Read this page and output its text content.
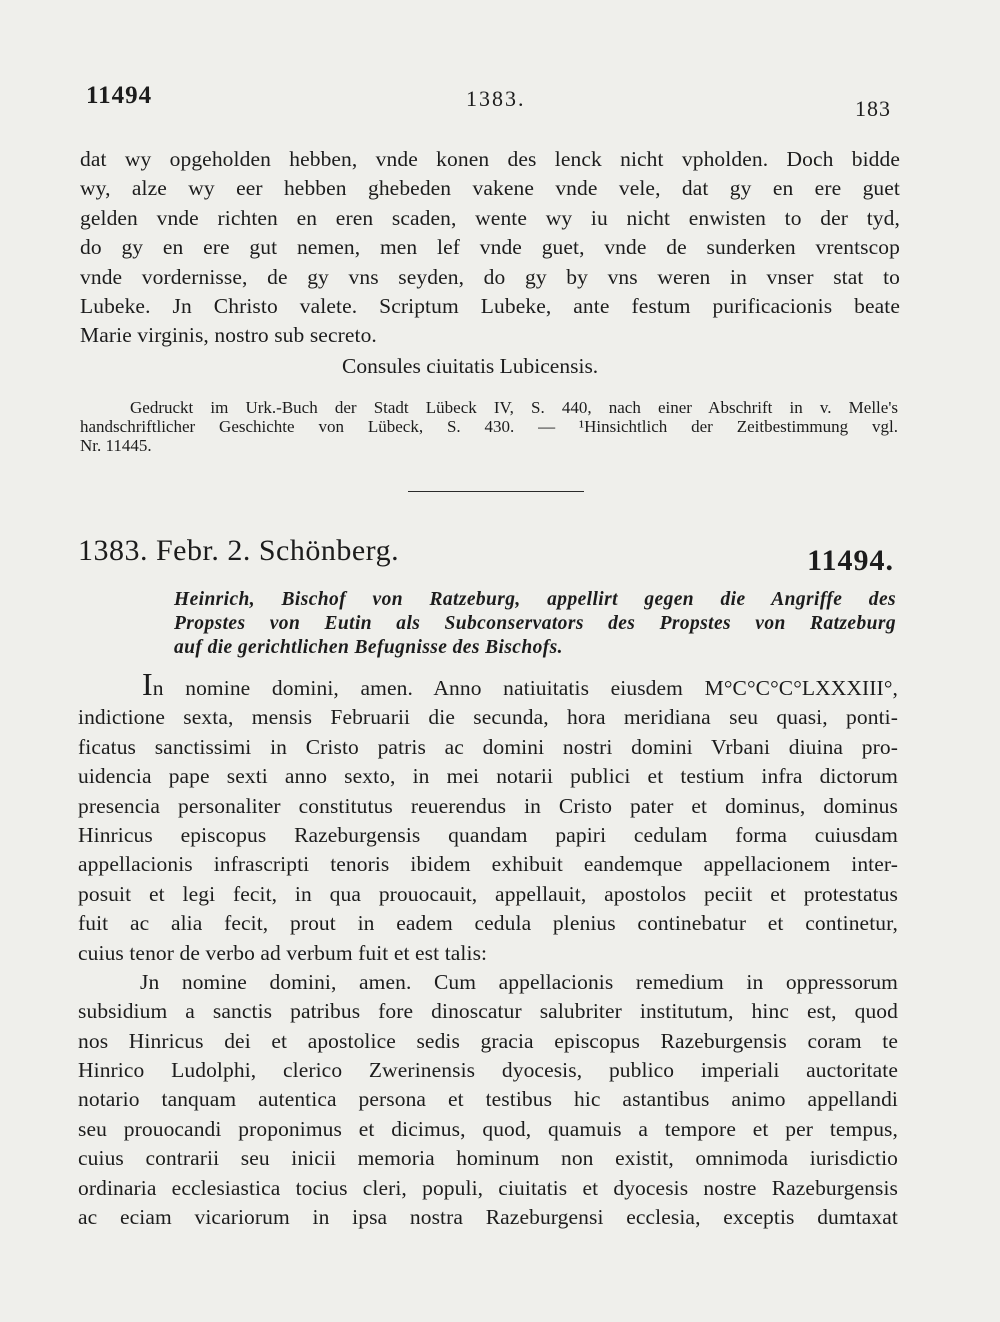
11494	1383.	183
dat wy opgeholden hebben, vnde konen des lenck nicht vpholden. Doch bidde
wy, alze wy eer hebben ghebeden vakene vnde vele, dat gy en ere guet
gelden vnde richten en eren scaden, wente wy iu nicht enwisten to der tyd,
do gy en ere gut nemen, men lef vnde guet, vnde de sunderken vrentscop
vnde vordernisse, de gy vns seyden, do gy by vns weren in vnser stat to
Lubeke. Jn Christo valete. Scriptum Lubeke, ante festum purificacionis beate
Marie virginis, nostro sub secreto.
Consules ciuitatis Lubicensis.
Gedruckt im Urk.-Buch der Stadt Lübeck IV, S. 440, nach einer Abschrift in v. Melle's
handschriftlicher Geschichte von Lübeck, S. 430. — ¹Hinsichtlich der Zeitbestimmung vgl.
Nr. 11445.
1383. Febr. 2. Schönberg.	11494.
Heinrich, Bischof von Ratzeburg, appellirt gegen die Angriffe des
Propstes von Eutin als Subconservators des Propstes von Ratzeburg
auf die gerichtlichen Befugnisse des Bischofs.
In nomine domini, amen. Anno natiuitatis eiusdem M°C°C°C°LXXXIII°,
indictione sexta, mensis Februarii die secunda, hora meridiana seu quasi, ponti-
ficatus sanctissimi in Cristo patris ac domini nostri domini Vrbani diuina pro-
uidencia pape sexti anno sexto, in mei notarii publici et testium infra dictorum
presencia personaliter constitutus reuerendus in Cristo pater et dominus, dominus
Hinricus episcopus Razeburgensis quandam papiri cedulam forma cuiusdam
appellacionis infrascripti tenoris ibidem exhibuit eandemque appellacionem inter-
posuit et legi fecit, in qua prouocauit, appellauit, apostolos peciit et protestatus
fuit ac alia fecit, prout in eadem cedula plenius continebatur et continetur,
cuius tenor de verbo ad verbum fuit et est talis:
Jn nomine domini, amen. Cum appellacionis remedium in oppressorum
subsidium a sanctis patribus fore dinoscatur salubriter institutum, hinc est, quod
nos Hinricus dei et apostolice sedis gracia episcopus Razeburgensis coram te
Hinrico Ludolphi, clerico Zwerinensis dyocesis, publico imperiali auctoritate
notario tanquam autentica persona et testibus hic astantibus animo appellandi
seu prouocandi proponimus et dicimus, quod, quamuis a tempore et per tempus,
cuius contrarii seu inicii memoria hominum non existit, omnimoda iurisdictio
ordinaria ecclesiastica tocius cleri, populi, ciuitatis et dyocesis nostre Razeburgensis
ac eciam vicariorum in ipsa nostra Razeburgensi ecclesia, exceptis dumtaxat
